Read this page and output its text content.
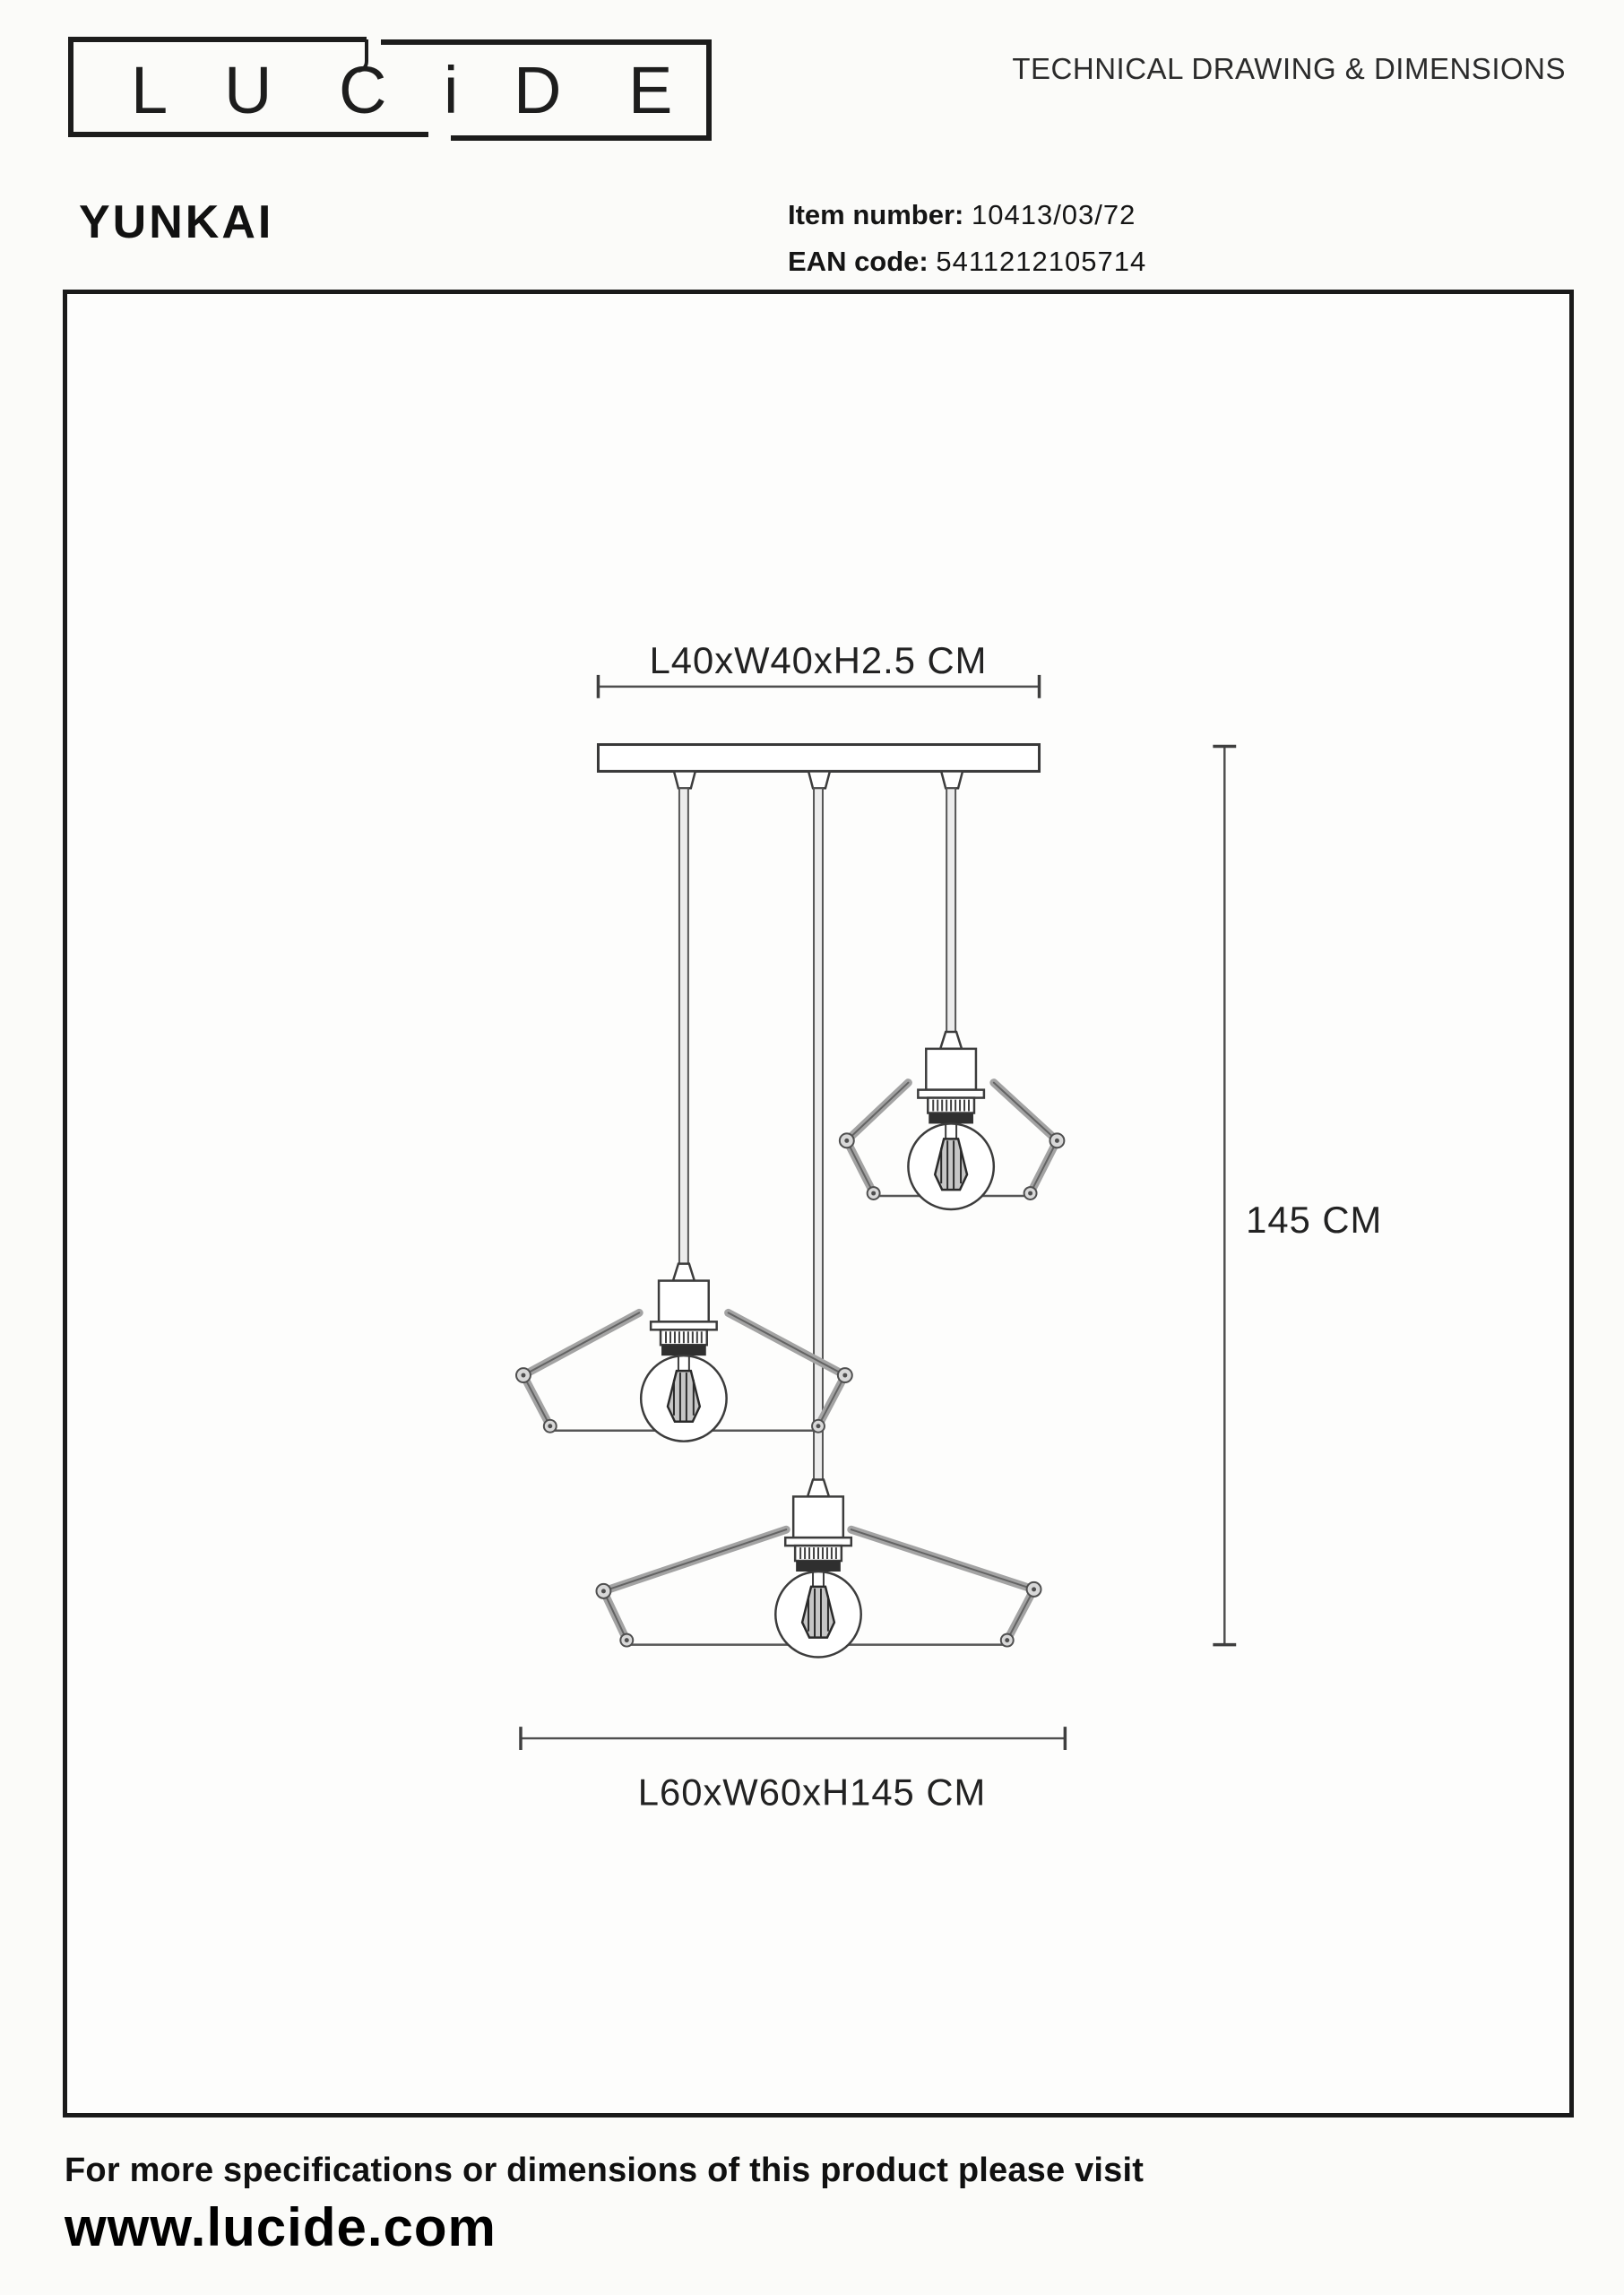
L U C i D E	TECHNICAL DRAWING & DIMENSIONS
YUNKAI	Item number: 10413/03/72
EAN code: 5411212105714
L40xW40xH2.5 CM
145 CM
L60xW60xH145 CM
For more specifications or dimensions of this product please visit
www.lucide.com
